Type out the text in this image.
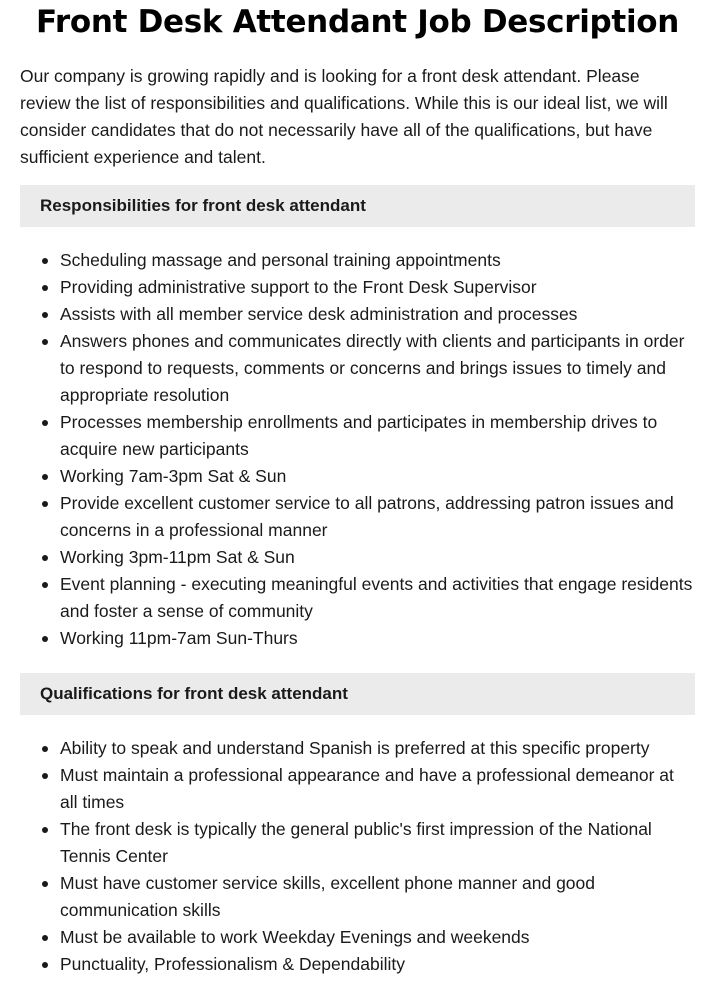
Front Desk Attendant Job Description

Our company is growing rapidly and is looking for a front desk attendant. Please review the list of responsibilities and qualifications. While this is our ideal list, we will consider candidates that do not necessarily have all of the qualifications, but have sufficient experience and talent.

Responsibilities for front desk attendant
Scheduling massage and personal training appointments
Providing administrative support to the Front Desk Supervisor
Assists with all member service desk administration and processes
Answers phones and communicates directly with clients and participants in order to respond to requests, comments or concerns and brings issues to timely and appropriate resolution
Processes membership enrollments and participates in membership drives to acquire new participants
Working 7am-3pm Sat & Sun
Provide excellent customer service to all patrons, addressing patron issues and concerns in a professional manner
Working 3pm-11pm Sat & Sun
Event planning - executing meaningful events and activities that engage residents and foster a sense of community
Working 11pm-7am Sun-Thurs
Qualifications for front desk attendant
Ability to speak and understand Spanish is preferred at this specific property
Must maintain a professional appearance and have a professional demeanor at all times
The front desk is typically the general public's first impression of the National Tennis Center
Must have customer service skills, excellent phone manner and good communication skills
Must be available to work Weekday Evenings and weekends
Punctuality, Professionalism & Dependability
